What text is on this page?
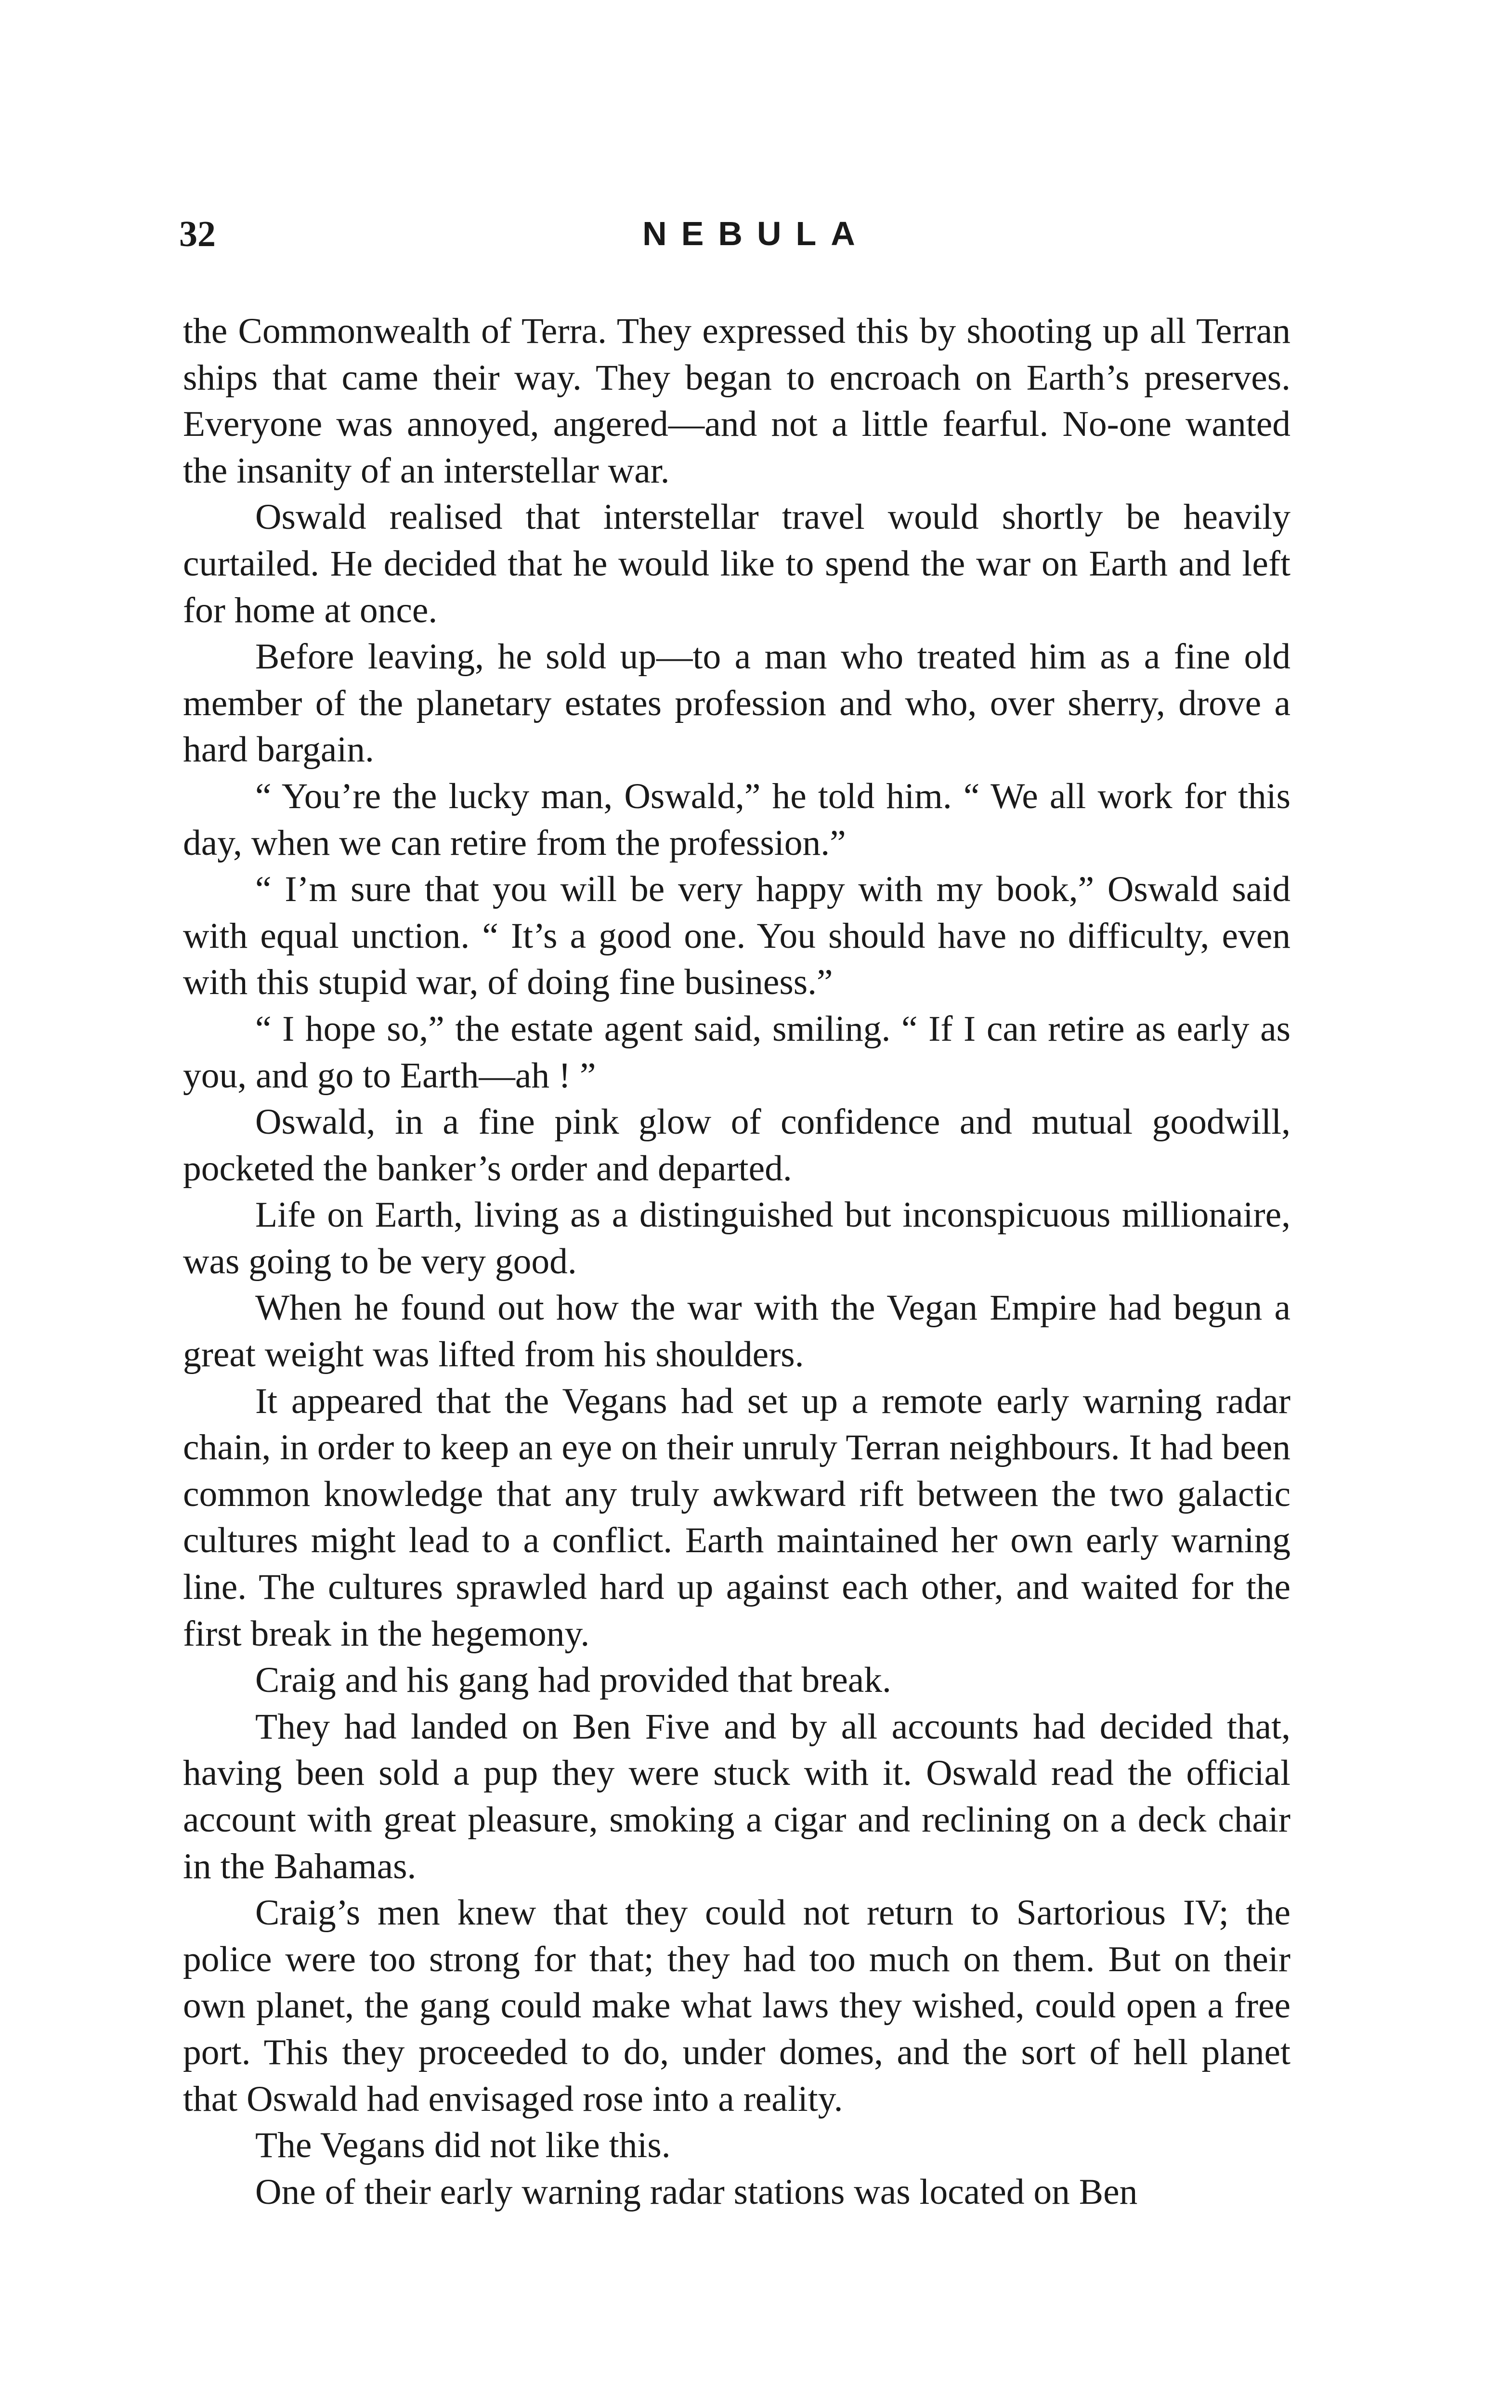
32	NEBULA

the Commonwealth of Terra. They expressed this by shooting up all Terran ships that came their way. They began to encroach on Earth’s preserves. Everyone was annoyed, angered—and not a little fearful. No-one wanted the insanity of an interstellar war.

Oswald realised that interstellar travel would shortly be heavily curtailed. He decided that he would like to spend the war on Earth and left for home at once.

Before leaving, he sold up—to a man who treated him as a fine old member of the planetary estates profession and who, over sherry, drove a hard bargain.

“ You’re the lucky man, Oswald,” he told him. “ We all work for this day, when we can retire from the profession.”

“ I’m sure that you will be very happy with my book,” Oswald said with equal unction. “ It’s a good one. You should have no difficulty, even with this stupid war, of doing fine business.”

“ I hope so,” the estate agent said, smiling. “ If I can retire as early as you, and go to Earth—ah ! ”

Oswald, in a fine pink glow of confidence and mutual goodwill, pocketed the banker’s order and departed.

Life on Earth, living as a distinguished but inconspicuous millionaire, was going to be very good.

When he found out how the war with the Vegan Empire had begun a great weight was lifted from his shoulders.

It appeared that the Vegans had set up a remote early warning radar chain, in order to keep an eye on their unruly Terran neighbours. It had been common knowledge that any truly awkward rift between the two galactic cultures might lead to a conflict. Earth maintained her own early warning line. The cultures sprawled hard up against each other, and waited for the first break in the hegemony.

Craig and his gang had provided that break.

They had landed on Ben Five and by all accounts had decided that, having been sold a pup they were stuck with it. Oswald read the official account with great pleasure, smoking a cigar and reclining on a deck chair in the Bahamas.

Craig’s men knew that they could not return to Sartorious IV; the police were too strong for that; they had too much on them. But on their own planet, the gang could make what laws they wished, could open a free port. This they proceeded to do, under domes, and the sort of hell planet that Oswald had envisaged rose into a reality.

The Vegans did not like this.

One of their early warning radar stations was located on Ben
